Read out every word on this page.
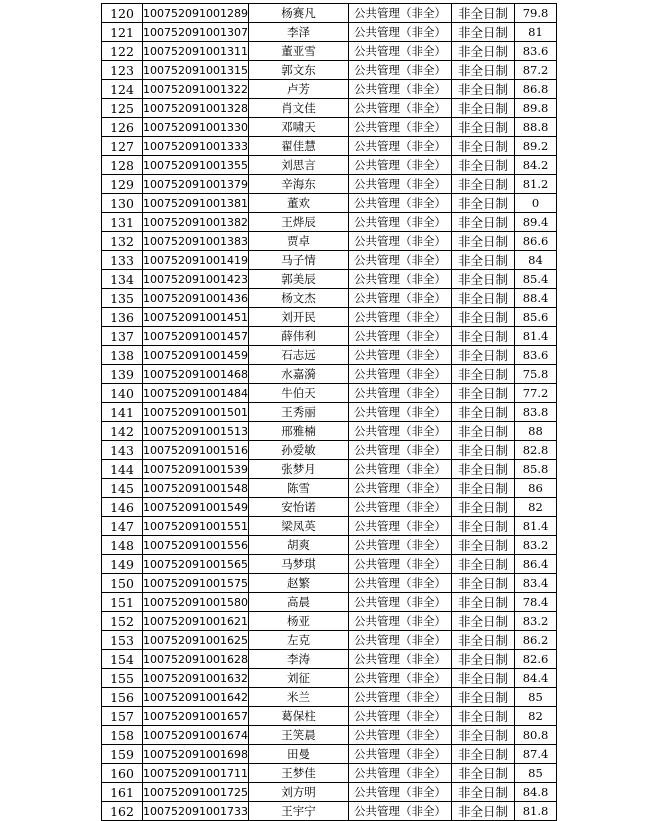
120	100752091001289	杨赛凡	公共管理（非全）	非全日制	79.8
121	100752091001307	李泽	公共管理（非全）	非全日制	81
122	100752091001311	董亚雪	公共管理（非全）	非全日制	83.6
123	100752091001315	郭文东	公共管理（非全）	非全日制	87.2
124	100752091001322	卢芳	公共管理（非全）	非全日制	86.8
125	100752091001328	肖文佳	公共管理（非全）	非全日制	89.8
126	100752091001330	邓啸天	公共管理（非全）	非全日制	88.8
127	100752091001333	翟佳慧	公共管理（非全）	非全日制	89.2
128	100752091001355	刘思言	公共管理（非全）	非全日制	84.2
129	100752091001379	辛海东	公共管理（非全）	非全日制	81.2
130	100752091001381	董欢	公共管理（非全）	非全日制	0
131	100752091001382	王烨辰	公共管理（非全）	非全日制	89.4
132	100752091001383	贾卓	公共管理（非全）	非全日制	86.6
133	100752091001419	马子情	公共管理（非全）	非全日制	84
134	100752091001423	郭美辰	公共管理（非全）	非全日制	85.4
135	100752091001436	杨文杰	公共管理（非全）	非全日制	88.4
136	100752091001451	刘开民	公共管理（非全）	非全日制	85.6
137	100752091001457	薛伟利	公共管理（非全）	非全日制	81.4
138	100752091001459	石志远	公共管理（非全）	非全日制	83.6
139	100752091001468	水嘉漪	公共管理（非全）	非全日制	75.8
140	100752091001484	牛伯天	公共管理（非全）	非全日制	77.2
141	100752091001501	王秀丽	公共管理（非全）	非全日制	83.8
142	100752091001513	邢雅楠	公共管理（非全）	非全日制	88
143	100752091001516	孙爱敏	公共管理（非全）	非全日制	82.8
144	100752091001539	张梦月	公共管理（非全）	非全日制	85.8
145	100752091001548	陈雪	公共管理（非全）	非全日制	86
146	100752091001549	安怡诺	公共管理（非全）	非全日制	82
147	100752091001551	梁凤英	公共管理（非全）	非全日制	81.4
148	100752091001556	胡爽	公共管理（非全）	非全日制	83.2
149	100752091001565	马梦琪	公共管理（非全）	非全日制	86.4
150	100752091001575	赵繁	公共管理（非全）	非全日制	83.4
151	100752091001580	高晨	公共管理（非全）	非全日制	78.4
152	100752091001621	杨亚	公共管理（非全）	非全日制	83.2
153	100752091001625	左克	公共管理（非全）	非全日制	86.2
154	100752091001628	李涛	公共管理（非全）	非全日制	82.6
155	100752091001632	刘征	公共管理（非全）	非全日制	84.4
156	100752091001642	米兰	公共管理（非全）	非全日制	85
157	100752091001657	葛保柱	公共管理（非全）	非全日制	82
158	100752091001674	王笑晨	公共管理（非全）	非全日制	80.8
159	100752091001698	田曼	公共管理（非全）	非全日制	87.4
160	100752091001711	王梦佳	公共管理（非全）	非全日制	85
161	100752091001725	刘方明	公共管理（非全）	非全日制	84.8
162	100752091001733	王宇宁	公共管理（非全）	非全日制	81.8
